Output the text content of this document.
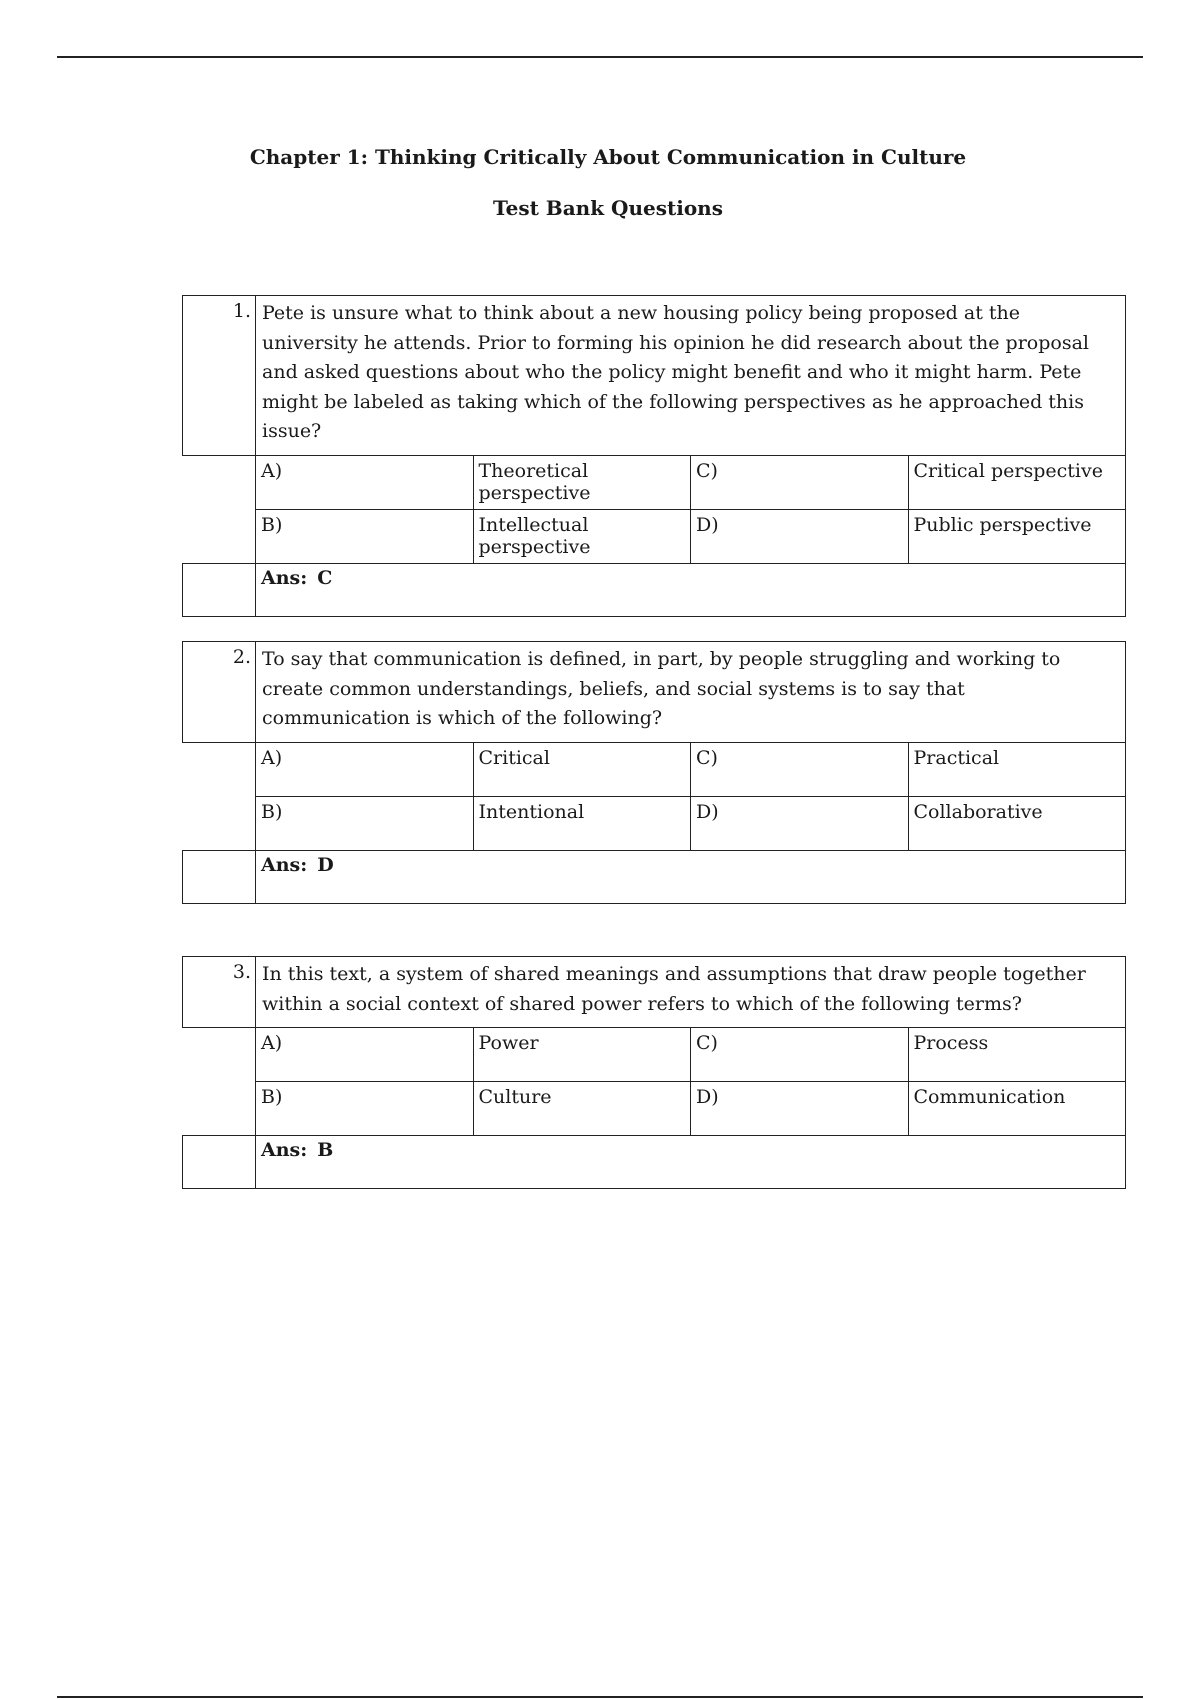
Chapter 1: Thinking Critically About Communication in Culture
Test Bank Questions
1.	Pete is unsure what to think about a new housing policy being proposed at the university he attends. Prior to forming his opinion he did research about the proposal and asked questions about who the policy might benefit and who it might harm. Pete might be labeled as taking which of the following perspectives as he approached this issue?			
	A)	Theoretical perspective	C)	Critical perspective
	B)	Intellectual perspective	D)	Public perspective
	Ans: C			
2.	To say that communication is defined, in part, by people struggling and working to create common understandings, beliefs, and social systems is to say that communication is which of the following?			
	A)	Critical	C)	Practical
	B)	Intentional	D)	Collaborative
	Ans: D			
3.	In this text, a system of shared meanings and assumptions that draw people together within a social context of shared power refers to which of the following terms?			
	A)	Power	C)	Process
	B)	Culture	D)	Communication
	Ans: B			
